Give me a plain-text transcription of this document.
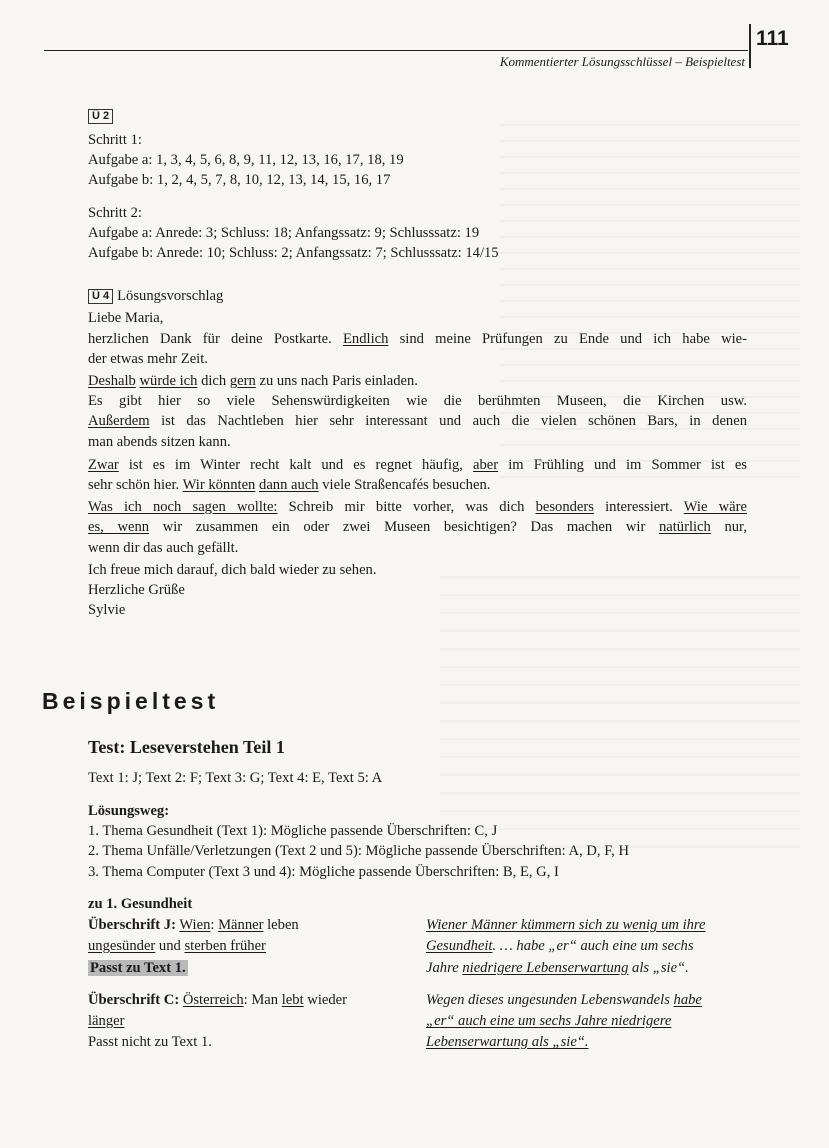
111
Kommentierter Lösungsschlüssel – Beispieltest
Ü 2
Schritt 1:
Aufgabe a: 1, 3, 4, 5, 6, 8, 9, 11, 12, 13, 16, 17, 18, 19
Aufgabe b: 1, 2, 4, 5, 7, 8, 10, 12, 13, 14, 15, 16, 17
Schritt 2:
Aufgabe a: Anrede: 3; Schluss: 18; Anfangssatz: 9; Schlusssatz: 19
Aufgabe b: Anrede: 10; Schluss: 2; Anfangssatz: 7; Schlusssatz: 14/15
Ü 4 Lösungsvorschlag
Liebe Maria,
herzlichen Dank für deine Postkarte. Endlich sind meine Prüfungen zu Ende und ich habe wie-
der etwas mehr Zeit.
Deshalb würde ich dich gern zu uns nach Paris einladen.
Es gibt hier so viele Sehenswürdigkeiten wie die berühmten Museen, die Kirchen usw.
Außerdem ist das Nachtleben hier sehr interessant und auch die vielen schönen Bars, in denen
man abends sitzen kann.
Zwar ist es im Winter recht kalt und es regnet häufig, aber im Frühling und im Sommer ist es
sehr schön hier. Wir könnten dann auch viele Straßencafés besuchen.
Was ich noch sagen wollte: Schreib mir bitte vorher, was dich besonders interessiert. Wie wäre
es, wenn wir zusammen ein oder zwei Museen besichtigen? Das machen wir natürlich nur,
wenn dir das auch gefällt.
Ich freue mich darauf, dich bald wieder zu sehen.
Herzliche Grüße
Sylvie
Beispieltest
Test: Leseverstehen Teil 1
Text 1: J; Text 2: F; Text 3: G; Text 4: E, Text 5: A
Lösungsweg:
1. Thema Gesundheit (Text 1): Mögliche passende Überschriften: C, J
2. Thema Unfälle/Verletzungen (Text 2 und 5): Mögliche passende Überschriften: A, D, F, H
3. Thema Computer (Text 3 und 4): Mögliche passende Überschriften: B, E, G, I
zu 1. Gesundheit
Überschrift J: Wien: Männer leben
ungesünder und sterben früher
Passt zu Text 1.
Wiener Männer kümmern sich zu wenig um ihre
Gesundheit. … habe „er“ auch eine um sechs
Jahre niedrigere Lebenserwartung als „sie“.
Überschrift C: Österreich: Man lebt wieder
länger
Passt nicht zu Text 1.
Wegen dieses ungesunden Lebenswandels habe
„er“ auch eine um sechs Jahre niedrigere
Lebenserwartung als „sie“.
